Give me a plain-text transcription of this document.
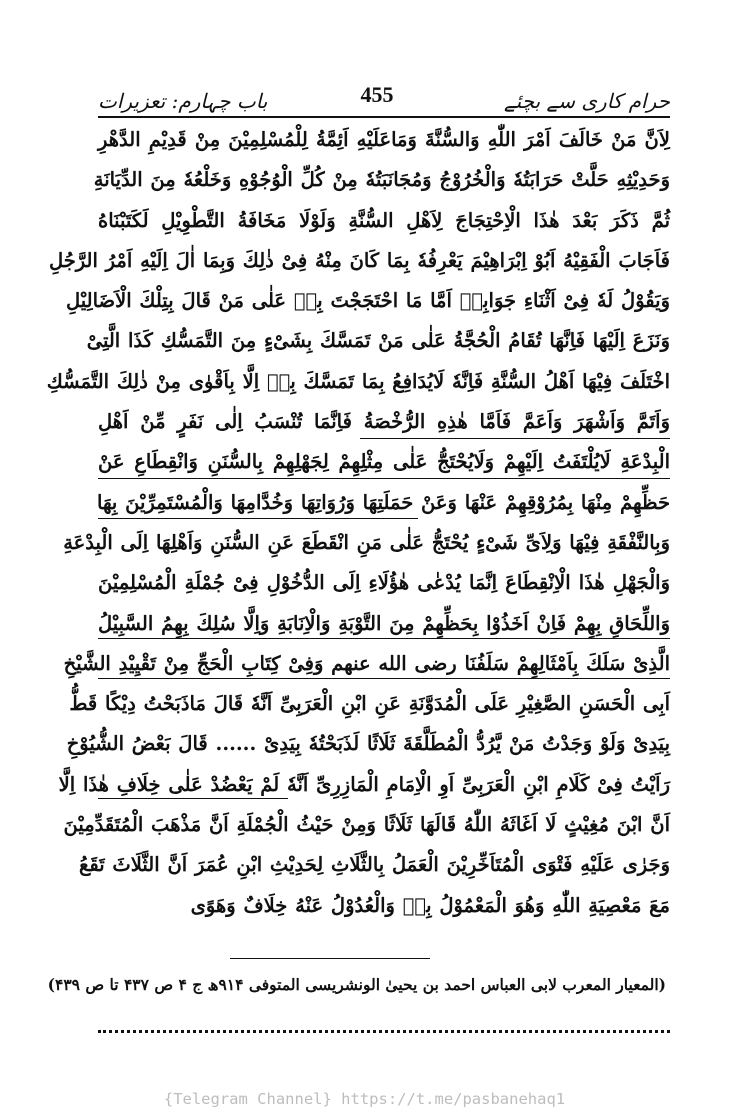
حرام کاری سے بچئے
455
باب چہارم: تعزیرات
لِاَنَّ مَنْ خَالَفَ اَمْرَ اللّٰهِ وَالسُّنَّةَ وَمَاعَلَيْهِ اَئِمَّةُ لِلْمُسْلِمِيْنَ مِنْ قَدِيْمِ الدَّهْرِ
وَحَدِيْثِهِ حَلَّتْ حَرَابَتُهٗ وَالْخُرُوْجُ وَمُجَانَبَتُهٗ مِنْ كُلِّ الْوُجُوْهِ وَخَلْعُهٗ مِنَ الدِّيَانَةِ
ثُمَّ ذَكَرَ بَعْدَ هٰذَا الْاِحْتِجَاجَ لِاَهْلِ السُّنَّةِ وَلَوْلَا مَخَافَةُ التَّطْوِيْلِ لَكَتَبْنَاهُ
فَاَجَابَ الْفَقِيْهُ اَبُوْ اِبْرَاهِيْمَ يَعْرِفُهٗ بِمَا كَانَ مِنْهُ فِىْ ذٰلِكَ وَبِمَا اٰلَ اِلَيْهِ اَمْرُ الرَّجُلِ
وَيَقُوْلُ لَهٗ فِىْ اَثْنَاءِ جَوَابِهٖ اَمَّا مَا احْتَجَجْتَ بِهٖ عَلٰى مَنْ قَالَ بِتِلْكَ الْاَضَالِيْلِ
وَنَزَعَ اِلَيْهَا فَاِنَّهَا تُقَامُ الْحُجَّةُ عَلٰى مَنْ تَمَسَّكَ بِشَىْءٍ مِنَ التَّمَسُّكِ كَذَا الَّتِىْ
اخْتَلَفَ فِيْهَا اَهْلُ السُّنَّةِ فَاِنَّهٗ لَايُدَافِعُ بِمَا تَمَسَّكَ بِهٖ اِلَّا بِاَقْوٰى مِنْ ذٰلِكَ التَّمَسُّكِ
وَاَتَمَّ وَاَشْهَرَ وَاَعَمَّ فَاَمَّا هٰذِهِ الرُّخْصَةُ فَاِنَّمَا تُنْسَبُ اِلٰى نَفَرٍ مِّنْ اَهْلِ
الْبِدْعَةِ لَايُلْتَفَتُ اِلَيْهِمْ وَلَايُحْتَجُّ عَلٰى مِثْلِهِمْ لِجَهْلِهِمْ بِالسُّنَنِ وَانْقِطَاعِ عَنْ
حَظِّهِمْ مِنْهَا بِمُرُوْقِهِمْ عَنْهَا وَعَنْ حَمَلَتِهَا وَرُوَاتِهَا وَخُدَّامِهَا وَالْمُسْتَمِرِّيْنَ بِهَا
وَبِالنَّفْقَةِ فِيْهَا وَلِاَىِّ شَىْءٍ يُحْتَجُّ عَلٰى مَنِ انْقَطَعَ عَنِ السُّنَنِ وَاَهْلِهَا اِلَى الْبِدْعَةِ
وَالْجَهْلِ هٰذَا الْاِنْقِطَاعَ اِنَّمَا يُدْعٰى هٰؤُلَاءِ اِلَى الدُّخُوْلِ فِىْ جُمْلَةِ الْمُسْلِمِيْنَ
وَاللِّحَاقِ بِهِمْ فَاِنْ اَخَذُوْا بِحَظِّهِمْ مِنَ التَّوْبَةِ وَالْاِنَابَةِ وَاِلَّا سُلِكَ بِهِمُ السَّبِيْلُ
الَّذِىْ سَلَكَ بِاَمْثَالِهِمْ سَلَفُنَا رضى الله عنهم وَفِىْ كِتَابِ الْحَجِّ مِنْ تَقْيِيْدِ الشَّيْخِ
اَبِى الْحَسَنِ الصَّغِيْرِ عَلَى الْمُدَوَّنَةِ عَنِ ابْنِ الْعَرَبِىِّ اَنَّهٗ قَالَ مَاذَبَحْتُ دِيْكًا قَطُّ
بِيَدِىْ وَلَوْ وَجَدْتُ مَنْ يَّرُدُّ الْمُطَلَّقَةَ ثَلَاثًا لَذَبَحْتُهٗ بِيَدِىْ ...... قَالَ بَعْضُ الشُّيُوْخِ
رَاَيْتُ فِىْ كَلَامِ ابْنِ الْعَرَبِىِّ اَوِ الْاِمَامِ الْمَازِرِىِّ اَنَّهٗ لَمْ يَعْضُدْ عَلٰى خِلَافِ هٰذَا اِلَّا
اَنَّ ابْنَ مُغِيْثٍ لَا اَغَاثَهُ اللّٰهُ قَالَهَا ثَلَاثًا وَمِنْ حَيْثُ الْجُمْلَةِ اَنَّ مَذْهَبَ الْمُتَقَدِّمِيْنَ
وَجَرٰى عَلَيْهِ فَتْوَى الْمُتَاَخِّرِيْنَ الْعَمَلُ بِالثَّلَاثِ لِحَدِيْثِ ابْنِ عُمَرَ اَنَّ الثَّلَاثَ تَقَعُ
مَعَ مَعْصِيَةِ اللّٰهِ وَهُوَ الْمَعْمُوْلُ بِهٖ وَالْعُدُوْلُ عَنْهُ خِلَافٌ وَهَوًى
(المعیار المعرب لابی العباس احمد بن یحییٰ الونشریسی المتوفی ۹۱۴ھ ج ۴ ص ۴۳۷ تا ص ۴۳۹)
{Telegram Channel} https://t.me/pasbanehaq1
